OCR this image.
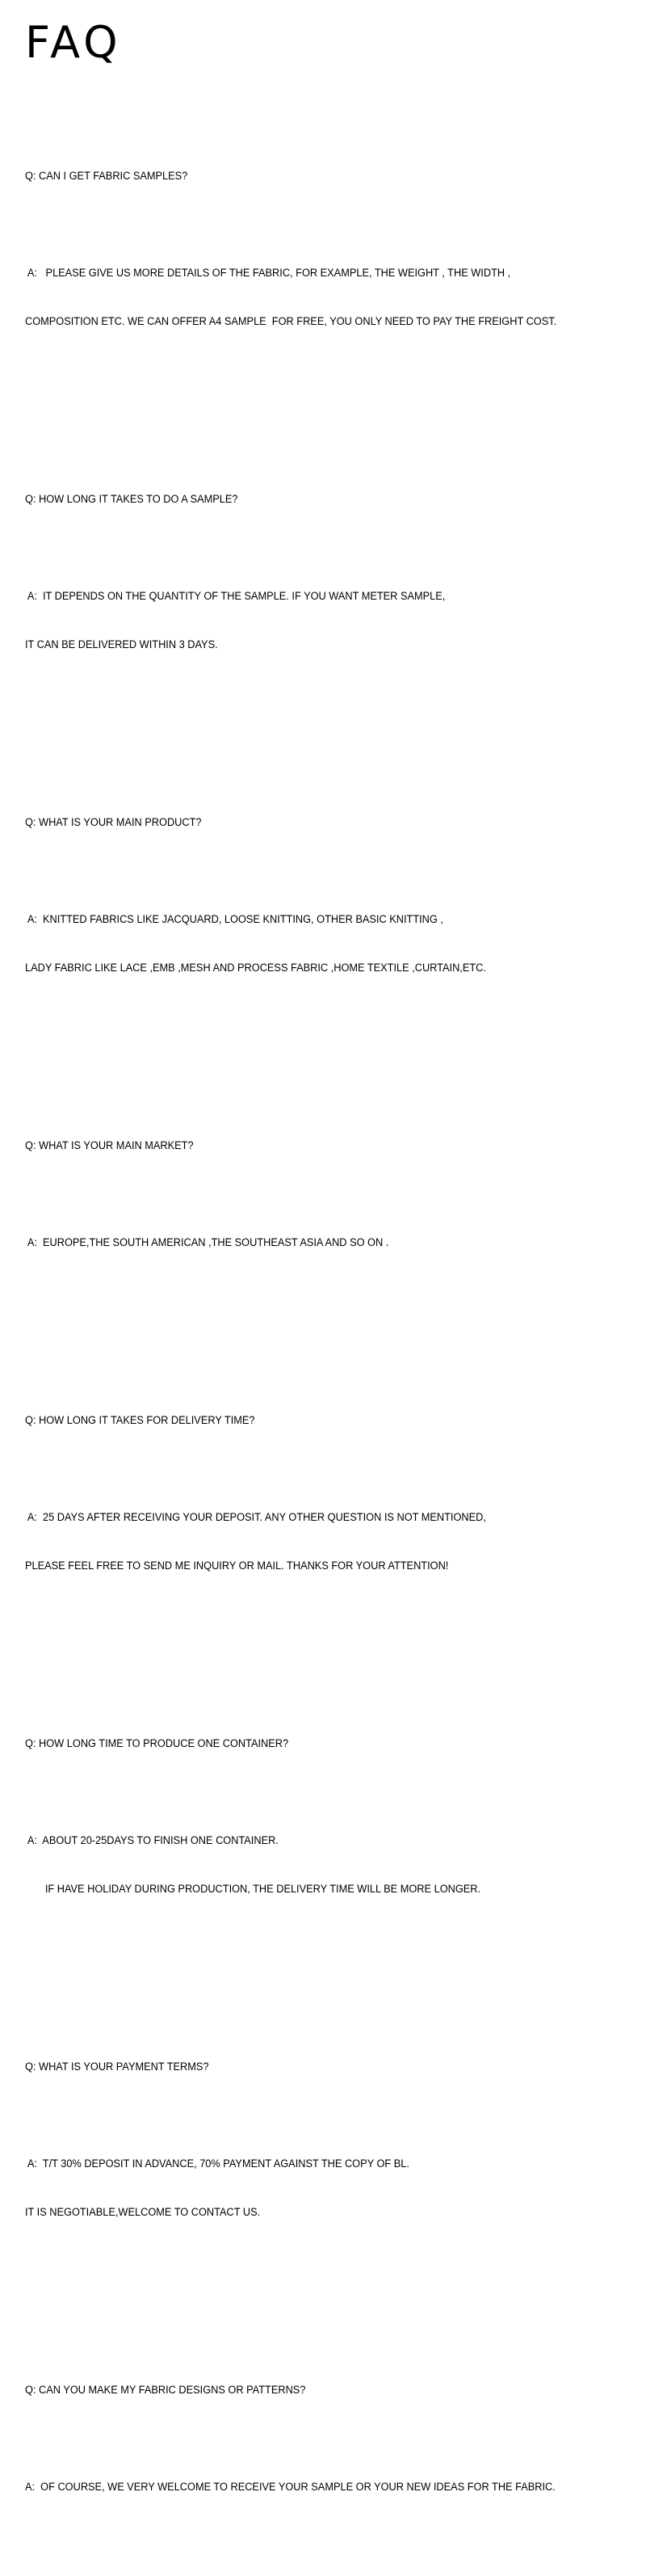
FAQ

Q: CAN I GET FABRIC SAMPLES?

A:   PLEASE GIVE US MORE DETAILS OF THE FABRIC, FOR EXAMPLE, THE WEIGHT , THE WIDTH ,

COMPOSITION ETC. WE CAN OFFER A4 SAMPLE  FOR FREE, YOU ONLY NEED TO PAY THE FREIGHT COST.

Q: HOW LONG IT TAKES TO DO A SAMPLE?

A:  IT DEPENDS ON THE QUANTITY OF THE SAMPLE. IF YOU WANT METER SAMPLE,

IT CAN BE DELIVERED WITHIN 3 DAYS.

Q: WHAT IS YOUR MAIN PRODUCT?

A:  KNITTED FABRICS LIKE JACQUARD, LOOSE KNITTING, OTHER BASIC KNITTING ,

LADY FABRIC LIKE LACE ,EMB ,MESH AND PROCESS FABRIC ,HOME TEXTILE ,CURTAIN,ETC.

Q: WHAT IS YOUR MAIN MARKET?

A:  EUROPE,THE SOUTH AMERICAN ,THE SOUTHEAST ASIA AND SO ON .

Q: HOW LONG IT TAKES FOR DELIVERY TIME?

A:  25 DAYS AFTER RECEIVING YOUR DEPOSIT. ANY OTHER QUESTION IS NOT MENTIONED,

PLEASE FEEL FREE TO SEND ME INQUIRY OR MAIL. THANKS FOR YOUR ATTENTION!

Q: HOW LONG TIME TO PRODUCE ONE CONTAINER?

A:  ABOUT 20-25DAYS TO FINISH ONE CONTAINER.

IF HAVE HOLIDAY DURING PRODUCTION, THE DELIVERY TIME WILL BE MORE LONGER.

Q: WHAT IS YOUR PAYMENT TERMS?

A:  T/T 30% DEPOSIT IN ADVANCE, 70% PAYMENT AGAINST THE COPY OF BL.

IT IS NEGOTIABLE,WELCOME TO CONTACT US.

Q: CAN YOU MAKE MY FABRIC DESIGNS OR PATTERNS?

A:  OF COURSE, WE VERY WELCOME TO RECEIVE YOUR SAMPLE OR YOUR NEW IDEAS FOR THE FABRIC.
